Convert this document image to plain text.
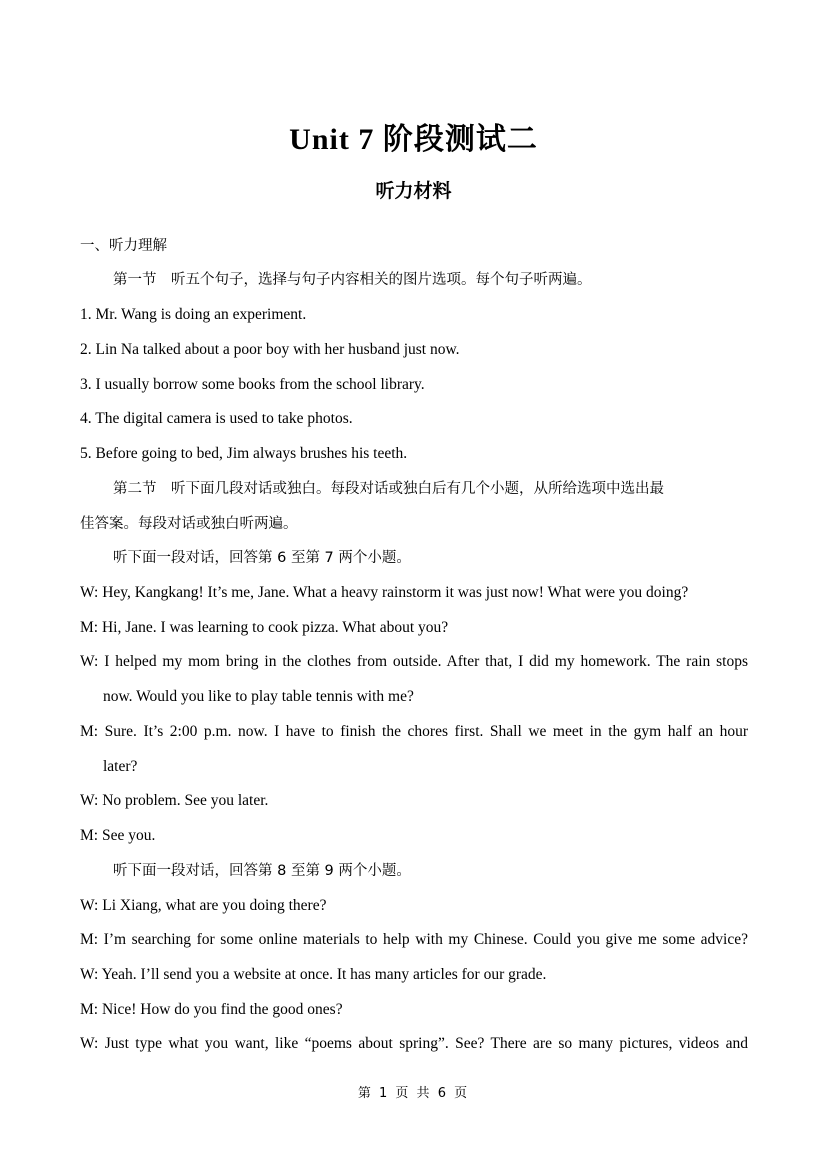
Unit 7 阶段测试二
听力材料
一、听力理解
第一节　听五个句子，选择与句子内容相关的图片选项。每个句子听两遍。
1. Mr. Wang is doing an experiment.
2. Lin Na talked about a poor boy with her husband just now.
3. I usually borrow some books from the school library.
4. The digital camera is used to take photos.
5. Before going to bed, Jim always brushes his teeth.
第二节　听下面几段对话或独白。每段对话或独白后有几个小题，从所给选项中选出最
佳答案。每段对话或独白听两遍。
听下面一段对话，回答第 6 至第 7 两个小题。
W: Hey, Kangkang! It’s me, Jane. What a heavy rainstorm it was just now! What were you doing?
M: Hi, Jane. I was learning to cook pizza. What about you?
W: I helped my mom bring in the clothes from outside. After that, I did my homework. The rain stops
now. Would you like to play table tennis with me?
M: Sure. It’s 2:00 p.m. now. I have to finish the chores first. Shall we meet in the gym half an hour
later?
W: No problem. See you later.
M: See you.
听下面一段对话，回答第 8 至第 9 两个小题。
W: Li Xiang, what are you doing there?
M: I’m searching for some online materials to help with my Chinese. Could you give me some advice?
W: Yeah. I’ll send you a website at once. It has many articles for our grade.
M: Nice! How do you find the good ones?
W: Just type what you want, like “poems about spring”. See? There are so many pictures, videos and
第 1 页 共 6 页
